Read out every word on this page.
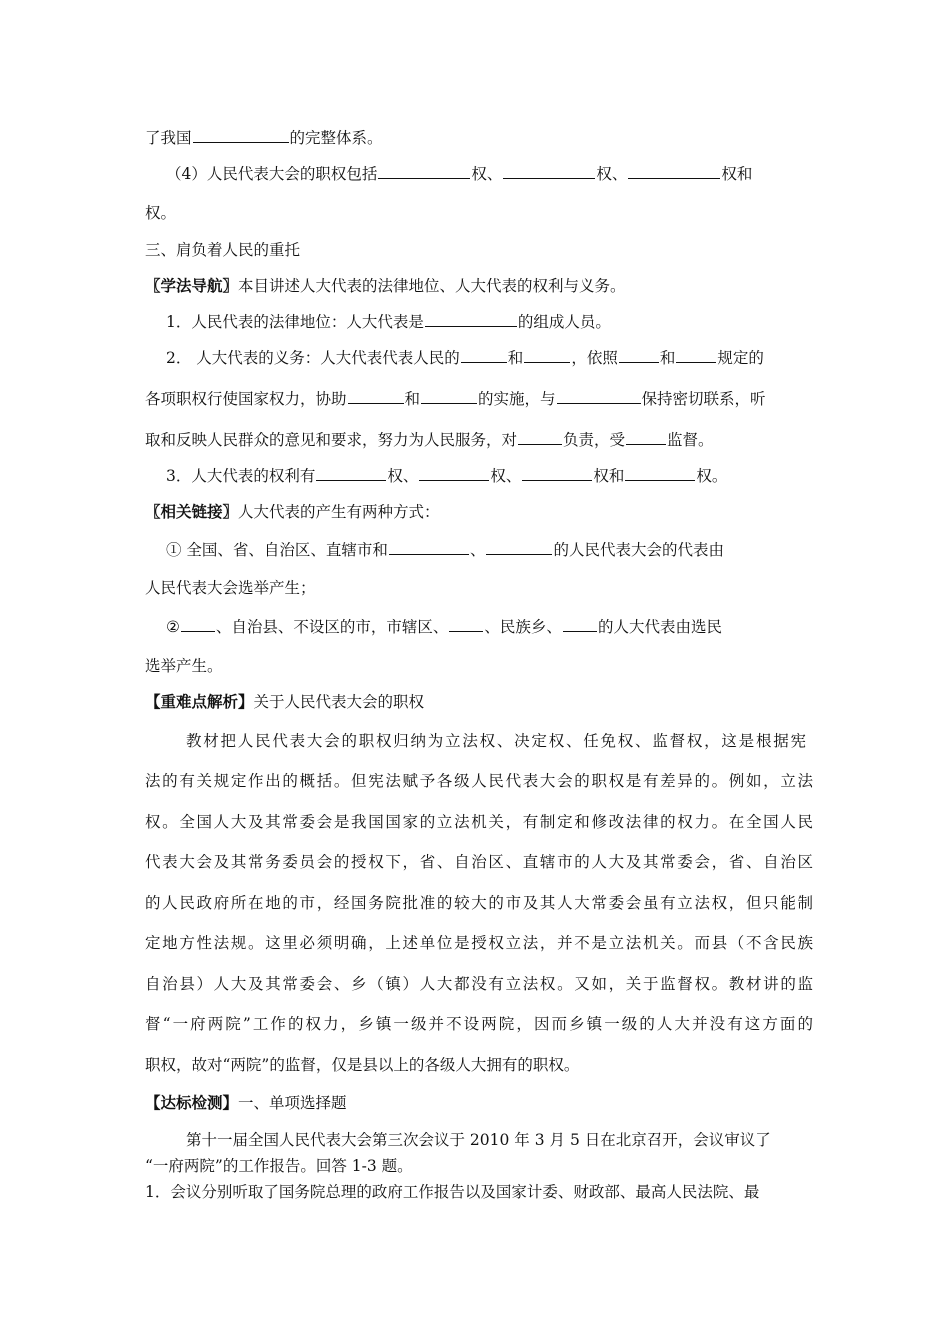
了我国	的完整体系。
（4）人民代表大会的职权包括	权、	权、	权和
权。
三、肩负着人民的重托
〖学法导航〗本目讲述人大代表的法律地位、人大代表的权利与义务。
1．人民代表的法律地位：人大代表是	的组成人员。
2． 人大代表的义务：人大代表代表人民的	和	，依照	和	规定的
各项职权行使国家权力，协助	和	的实施，与	保持密切联系，听
取和反映人民群众的意见和要求，努力为人民服务，对	负责，受	监督。
3．人大代表的权利有	权、	权、	权和	权。
〖相关链接〗人大代表的产生有两种方式：
① 全国、省、自治区、直辖市和	、	的人民代表大会的代表由
人民代表大会选举产生；
② 、自治县、不设区的市，市辖区、 、民族乡、 的人大代表由选民
选举产生。
【重难点解析】关于人民代表大会的职权
教材把人民代表大会的职权归纳为立法权、决定权、任免权、监督权，这是根据宪
法的有关规定作出的概括。但宪法赋予各级人民代表大会的职权是有差异的。例如，立法
权。全国人大及其常委会是我国国家的立法机关，有制定和修改法律的权力。在全国人民
代表大会及其常务委员会的授权下，省、自治区、直辖市的人大及其常委会，省、自治区
的人民政府所在地的市，经国务院批准的较大的市及其人大常委会虽有立法权，但只能制
定地方性法规。这里必须明确，上述单位是授权立法，并不是立法机关。而县（不含民族
自治县）人大及其常委会、乡（镇）人大都没有立法权。又如，关于监督权。教材讲的监
督“一府两院”工作的权力，乡镇一级并不设两院，因而乡镇一级的人大并没有这方面的
职权，故对“两院”的监督，仅是县以上的各级人大拥有的职权。
【达标检测】一、单项选择题
第十一届全国人民代表大会第三次会议于 2010 年 3 月 5 日在北京召开，会议审议了
“一府两院”的工作报告。回答 1-3 题。
1．会议分别听取了国务院总理的政府工作报告以及国家计委、财政部、最高人民法院、最
